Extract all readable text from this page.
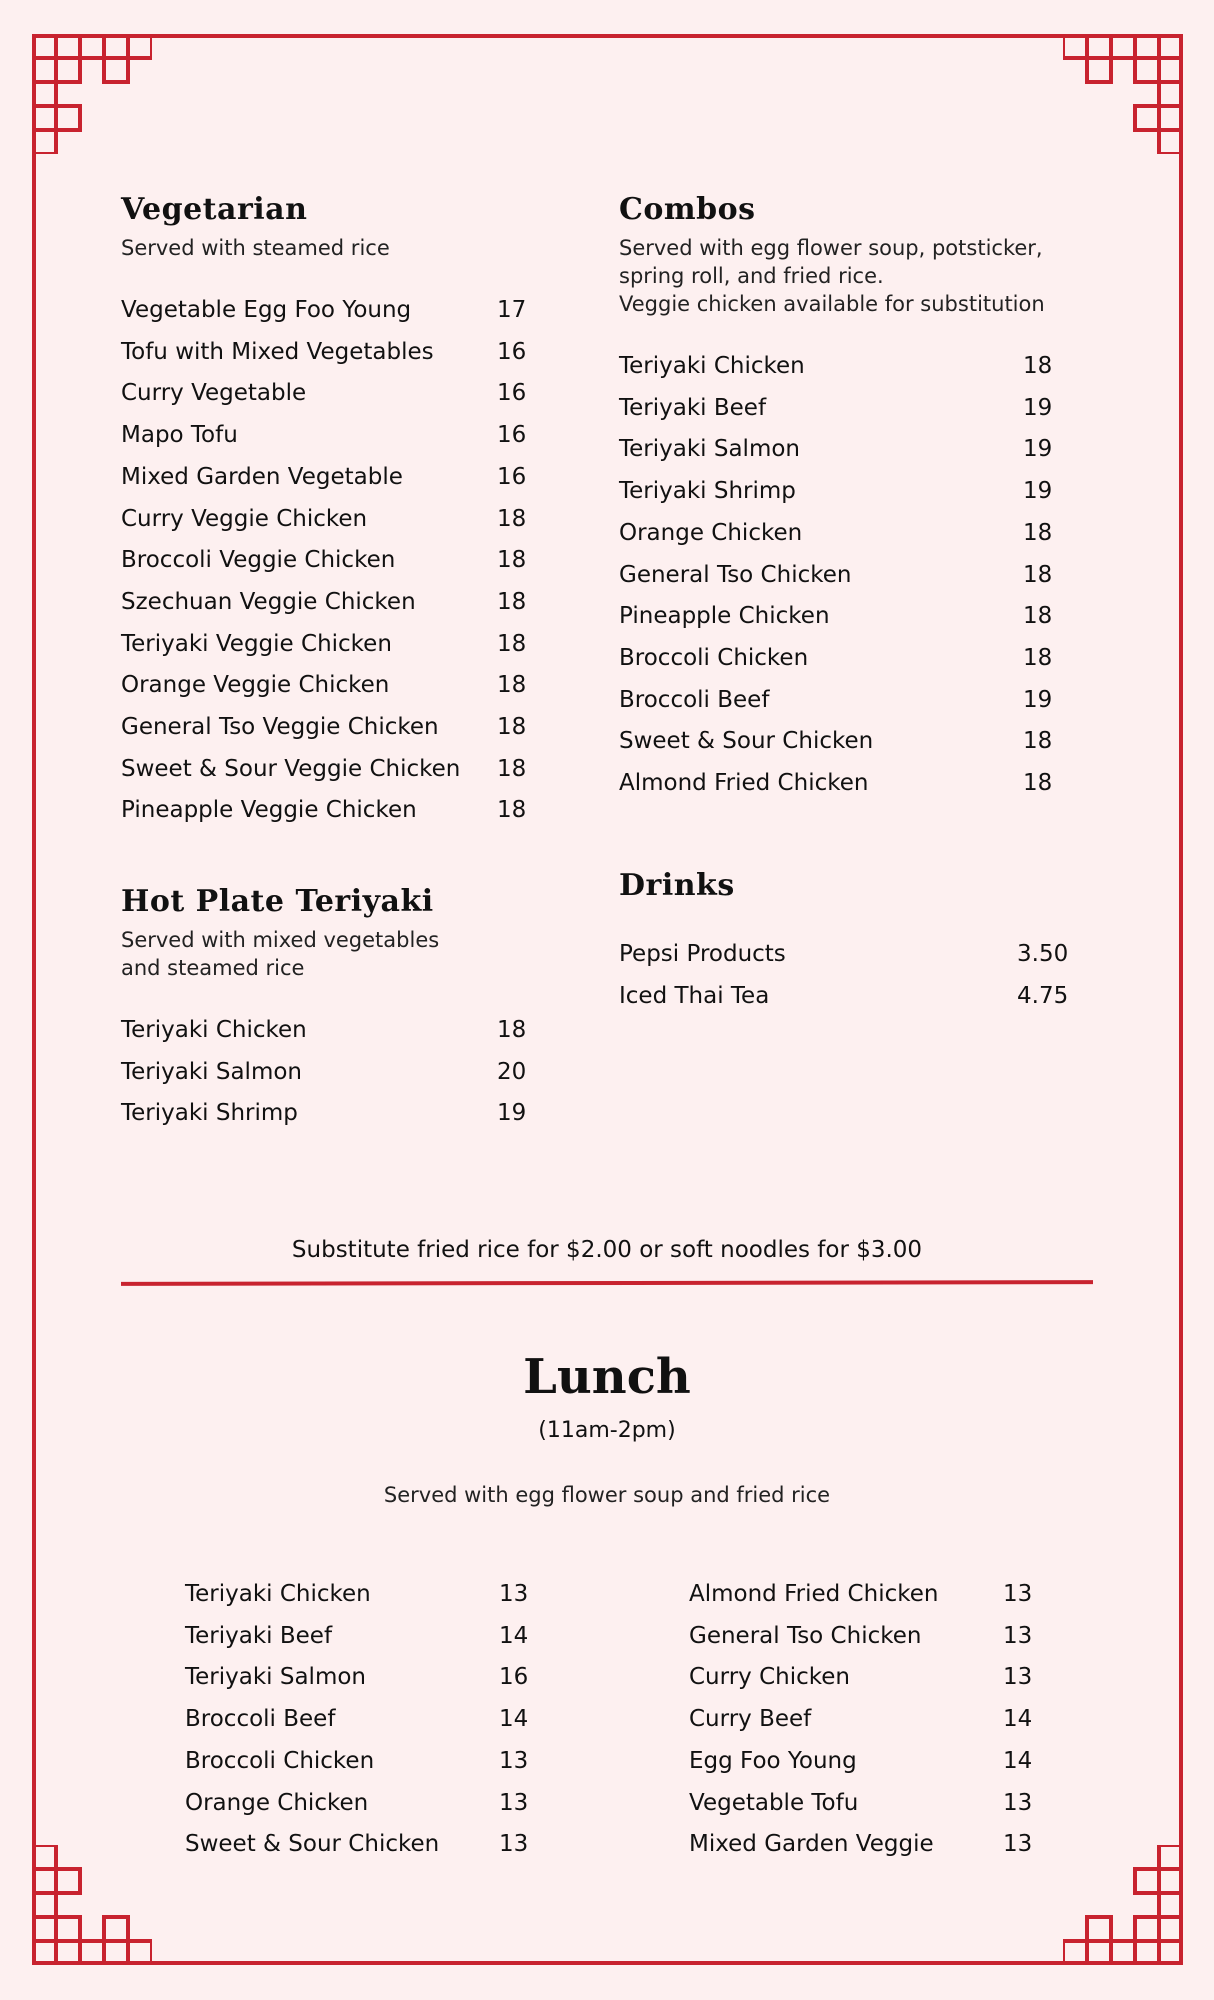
Vegetarian
Served with steamed rice
Vegetable Egg Foo Young	17
Tofu with Mixed Vegetables	16
Curry Vegetable	16
Mapo Tofu	16
Mixed Garden Vegetable	16
Curry Veggie Chicken	18
Broccoli Veggie Chicken	18
Szechuan Veggie Chicken	18
Teriyaki Veggie Chicken	18
Orange Veggie Chicken	18
General Tso Veggie Chicken	18
Sweet & Sour Veggie Chicken 18
Pineapple Veggie Chicken	18
Combos
Served with egg flower soup, potsticker,
spring roll, and fried rice.
Veggie chicken available for substitution
Teriyaki Chicken	18
Teriyaki Beef	19
Teriyaki Salmon	19
Teriyaki Shrimp	19
Orange Chicken	18
General Tso Chicken	18
Pineapple Chicken	18
Broccoli Chicken	18
Broccoli Beef	19
Sweet & Sour Chicken	18
Almond Fried Chicken	18
Hot Plate Teriyaki
Served with mixed vegetables
and steamed rice
Teriyaki Chicken	18
Teriyaki Salmon	20
Teriyaki Shrimp	19
Drinks
Pepsi Products	3.50
Iced Thai Tea	4.75
Substitute fried rice for $2.00 or soft noodles for $3.00
Lunch
(11am-2pm)
Served with egg flower soup and fried rice
Teriyaki Chicken	13
Teriyaki Beef	14
Teriyaki Salmon	16
Broccoli Beef	14
Broccoli Chicken	13
Orange Chicken	13
Sweet & Sour Chicken	13
Almond Fried Chicken	13
General Tso Chicken	13
Curry Chicken	13
Curry Beef	14
Egg Foo Young	14
Vegetable Tofu	13
Mixed Garden Veggie	13
